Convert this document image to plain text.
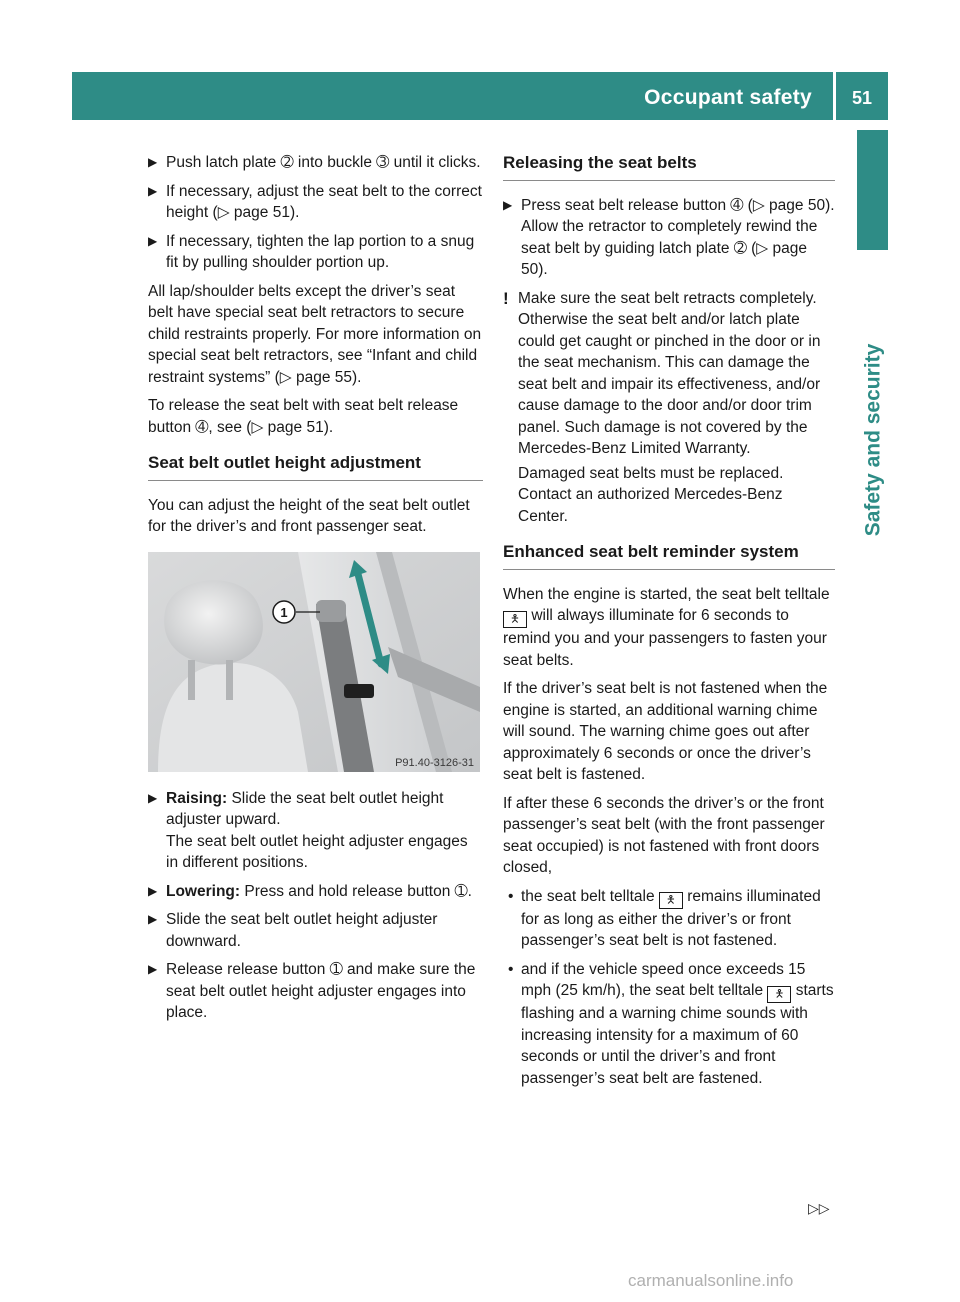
Occupant safety	51
Safety and security
▶ Push latch plate ➁ into buckle ➂ until it clicks.
▶ If necessary, adjust the seat belt to the correct height (▷ page 51).
▶ If necessary, tighten the lap portion to a snug fit by pulling shoulder portion up.
All lap/shoulder belts except the driver’s seat belt have special seat belt retractors to secure child restraints properly. For more information on special seat belt retractors, see “Infant and child restraint systems” (▷ page 55).
To release the seat belt with seat belt release button ➃, see (▷ page 51).
Seat belt outlet height adjustment
You can adjust the height of the seat belt outlet for the driver’s and front passenger seat.
1
P91.40-3126-31
▶ Raising: Slide the seat belt outlet height adjuster upward.
The seat belt outlet height adjuster engages in different positions.
▶ Lowering: Press and hold release button ➀.
▶ Slide the seat belt outlet height adjuster downward.
▶ Release release button ➀ and make sure the seat belt outlet height adjuster engages into place.
Releasing the seat belts
▶ Press seat belt release button ➃ (▷ page 50).
Allow the retractor to completely rewind the seat belt by guiding latch plate ➁ (▷ page 50).
! Make sure the seat belt retracts completely. Otherwise the seat belt and/or latch plate could get caught or pinched in the door or in the seat mechanism. This can damage the seat belt and impair its effectiveness, and/or cause damage to the door and/or door trim panel. Such damage is not covered by the Mercedes-Benz Limited Warranty.
Damaged seat belts must be replaced. Contact an authorized Mercedes-Benz Center.
Enhanced seat belt reminder system
When the engine is started, the seat belt telltale 🯅 will always illuminate for 6 seconds to remind you and your passengers to fasten your seat belts.
If the driver’s seat belt is not fastened when the engine is started, an additional warning chime will sound. The warning chime goes out after approximately 6 seconds or once the driver’s seat belt is fastened.
If after these 6 seconds the driver’s or the front passenger’s seat belt (with the front passenger seat occupied) is not fastened with front doors closed,
• the seat belt telltale 🯅 remains illuminated for as long as either the driver’s or front passenger’s seat belt is not fastened.
• and if the vehicle speed once exceeds 15 mph (25 km/h), the seat belt telltale 🯅 starts flashing and a warning chime sounds with increasing intensity for a maximum of 60 seconds or until the driver’s and front passenger’s seat belt are fastened.
▷▷
carmanualsonline.info
